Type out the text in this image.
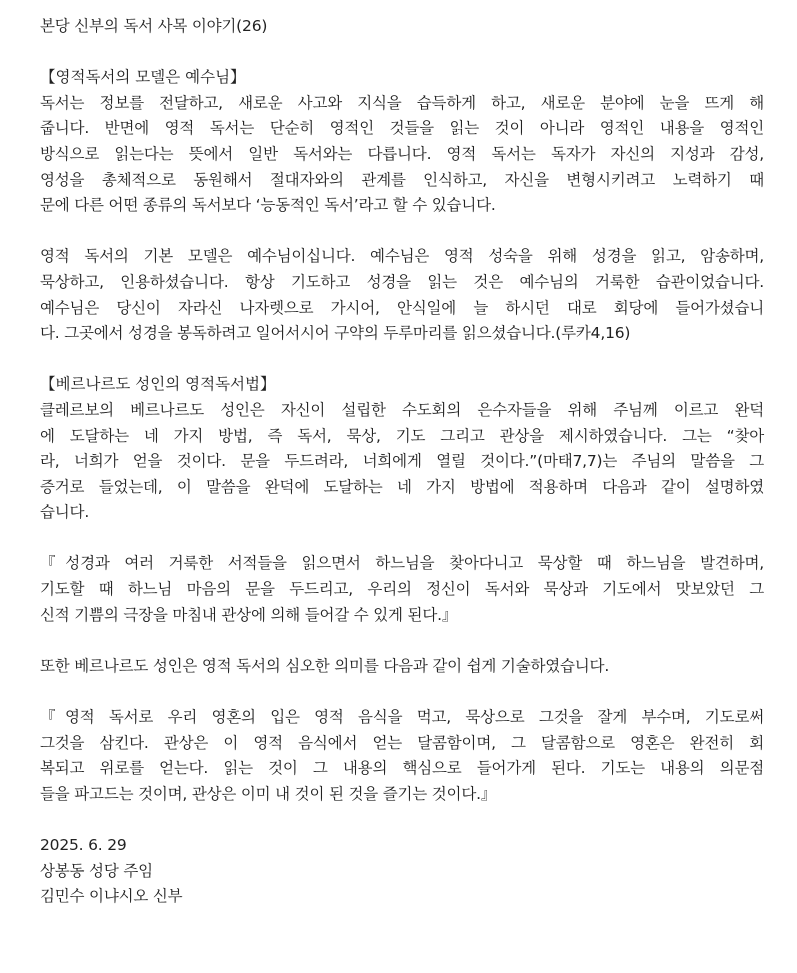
본당 신부의 독서 사목 이야기(26)
【영적독서의 모델은 예수님】
독서는 정보를 전달하고, 새로운 사고와 지식을 습득하게 하고, 새로운 분야에 눈을 뜨게 해
줍니다. 반면에 영적 독서는 단순히 영적인 것들을 읽는 것이 아니라 영적인 내용을 영적인
방식으로 읽는다는 뜻에서 일반 독서와는 다릅니다. 영적 독서는 독자가 자신의 지성과 감성,
영성을 총체적으로 동원해서 절대자와의 관계를 인식하고, 자신을 변형시키려고 노력하기 때
문에 다른 어떤 종류의 독서보다 ‘능동적인 독서’라고 할 수 있습니다.
영적 독서의 기본 모델은 예수님이십니다. 예수님은 영적 성숙을 위해 성경을 읽고, 암송하며,
묵상하고, 인용하셨습니다. 항상 기도하고 성경을 읽는 것은 예수님의 거룩한 습관이었습니다.
예수님은 당신이 자라신 나자렛으로 가시어, 안식일에 늘 하시던 대로 회당에 들어가셨습니
다. 그곳에서 성경을 봉독하려고 일어서시어 구약의 두루마리를 읽으셨습니다.(루카4,16)
【베르나르도 성인의 영적독서법】
클레르보의 베르나르도 성인은 자신이 설립한 수도회의 은수자들을 위해 주님께 이르고 완덕
에 도달하는 네 가지 방법, 즉 독서, 묵상, 기도 그리고 관상을 제시하였습니다. 그는 “찾아
라, 너희가 얻을 것이다. 문을 두드려라, 너희에게 열릴 것이다.”(마태7,7)는 주님의 말씀을 그
증거로 들었는데, 이 말씀을 완덕에 도달하는 네 가지 방법에 적용하며 다음과 같이 설명하였
습니다.
『성경과 여러 거룩한 서적들을 읽으면서 하느님을 찾아다니고 묵상할 때 하느님을 발견하며,
기도할 때 하느님 마음의 문을 두드리고, 우리의 정신이 독서와 묵상과 기도에서 맛보았던 그
신적 기쁨의 극장을 마침내 관상에 의해 들어갈 수 있게 된다.』
또한 베르나르도 성인은 영적 독서의 심오한 의미를 다음과 같이 쉽게 기술하였습니다.
『영적 독서로 우리 영혼의 입은 영적 음식을 먹고, 묵상으로 그것을 잘게 부수며, 기도로써
그것을 삼킨다. 관상은 이 영적 음식에서 얻는 달콤함이며, 그 달콤함으로 영혼은 완전히 회
복되고 위로를 얻는다. 읽는 것이 그 내용의 핵심으로 들어가게 된다. 기도는 내용의 의문점
들을 파고드는 것이며, 관상은 이미 내 것이 된 것을 즐기는 것이다.』
2025. 6. 29
상봉동 성당 주임
김민수 이냐시오 신부
